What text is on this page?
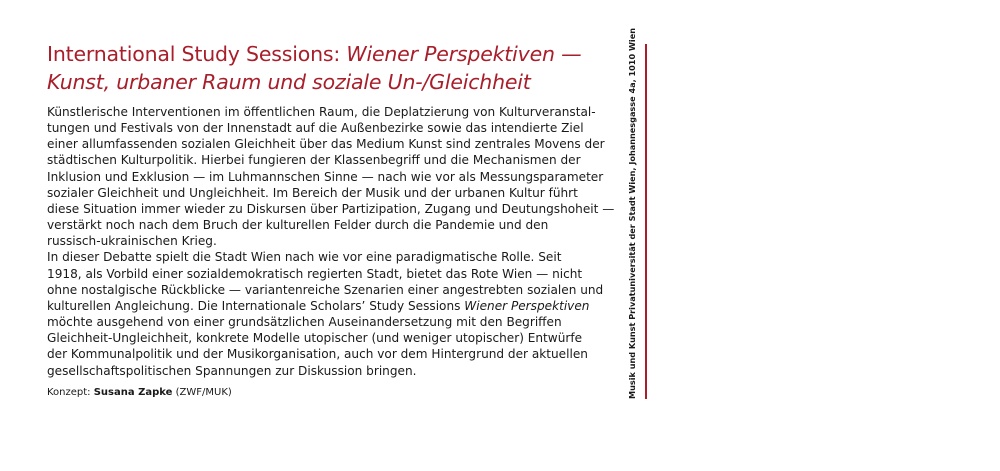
International Study Sessions: Wiener Perspektiven —
Kunst, urbaner Raum und soziale Un-/Gleichheit

Künstlerische Interventionen im öffentlichen Raum, die Deplatzierung von Kulturveranstal-
tungen und Festivals von der Innenstadt auf die Außenbezirke sowie das intendierte Ziel
einer allumfassenden sozialen Gleichheit über das Medium Kunst sind zentrales Movens der
städtischen Kulturpolitik. Hierbei fungieren der Klassenbegriff und die Mechanismen der
Inklusion und Exklusion — im Luhmannschen Sinne — nach wie vor als Messungsparameter
sozialer Gleichheit und Ungleichheit. Im Bereich der Musik und der urbanen Kultur führt
diese Situation immer wieder zu Diskursen über Partizipation, Zugang und Deutungshoheit —
verstärkt noch nach dem Bruch der kulturellen Felder durch die Pandemie und den
russisch-ukrainischen Krieg.

In dieser Debatte spielt die Stadt Wien nach wie vor eine paradigmatische Rolle. Seit
1918, als Vorbild einer sozialdemokratisch regierten Stadt, bietet das Rote Wien — nicht
ohne nostalgische Rückblicke — variantenreiche Szenarien einer angestrebten sozialen und
kulturellen Angleichung. Die Internationale Scholars’ Study Sessions Wiener Perspektiven
möchte ausgehend von einer grundsätzlichen Auseinandersetzung mit den Begriffen
Gleichheit-Ungleichheit, konkrete Modelle utopischer (und weniger utopischer) Entwürfe
der Kommunalpolitik und der Musikorganisation, auch vor dem Hintergrund der aktuellen
gesellschaftspolitischen Spannungen zur Diskussion bringen.

Konzept: Susana Zapke (ZWF/MUK)	Musik und Kunst Privatuniversität der Stadt Wien, Johannesgasse 4a, 1010 Wien
